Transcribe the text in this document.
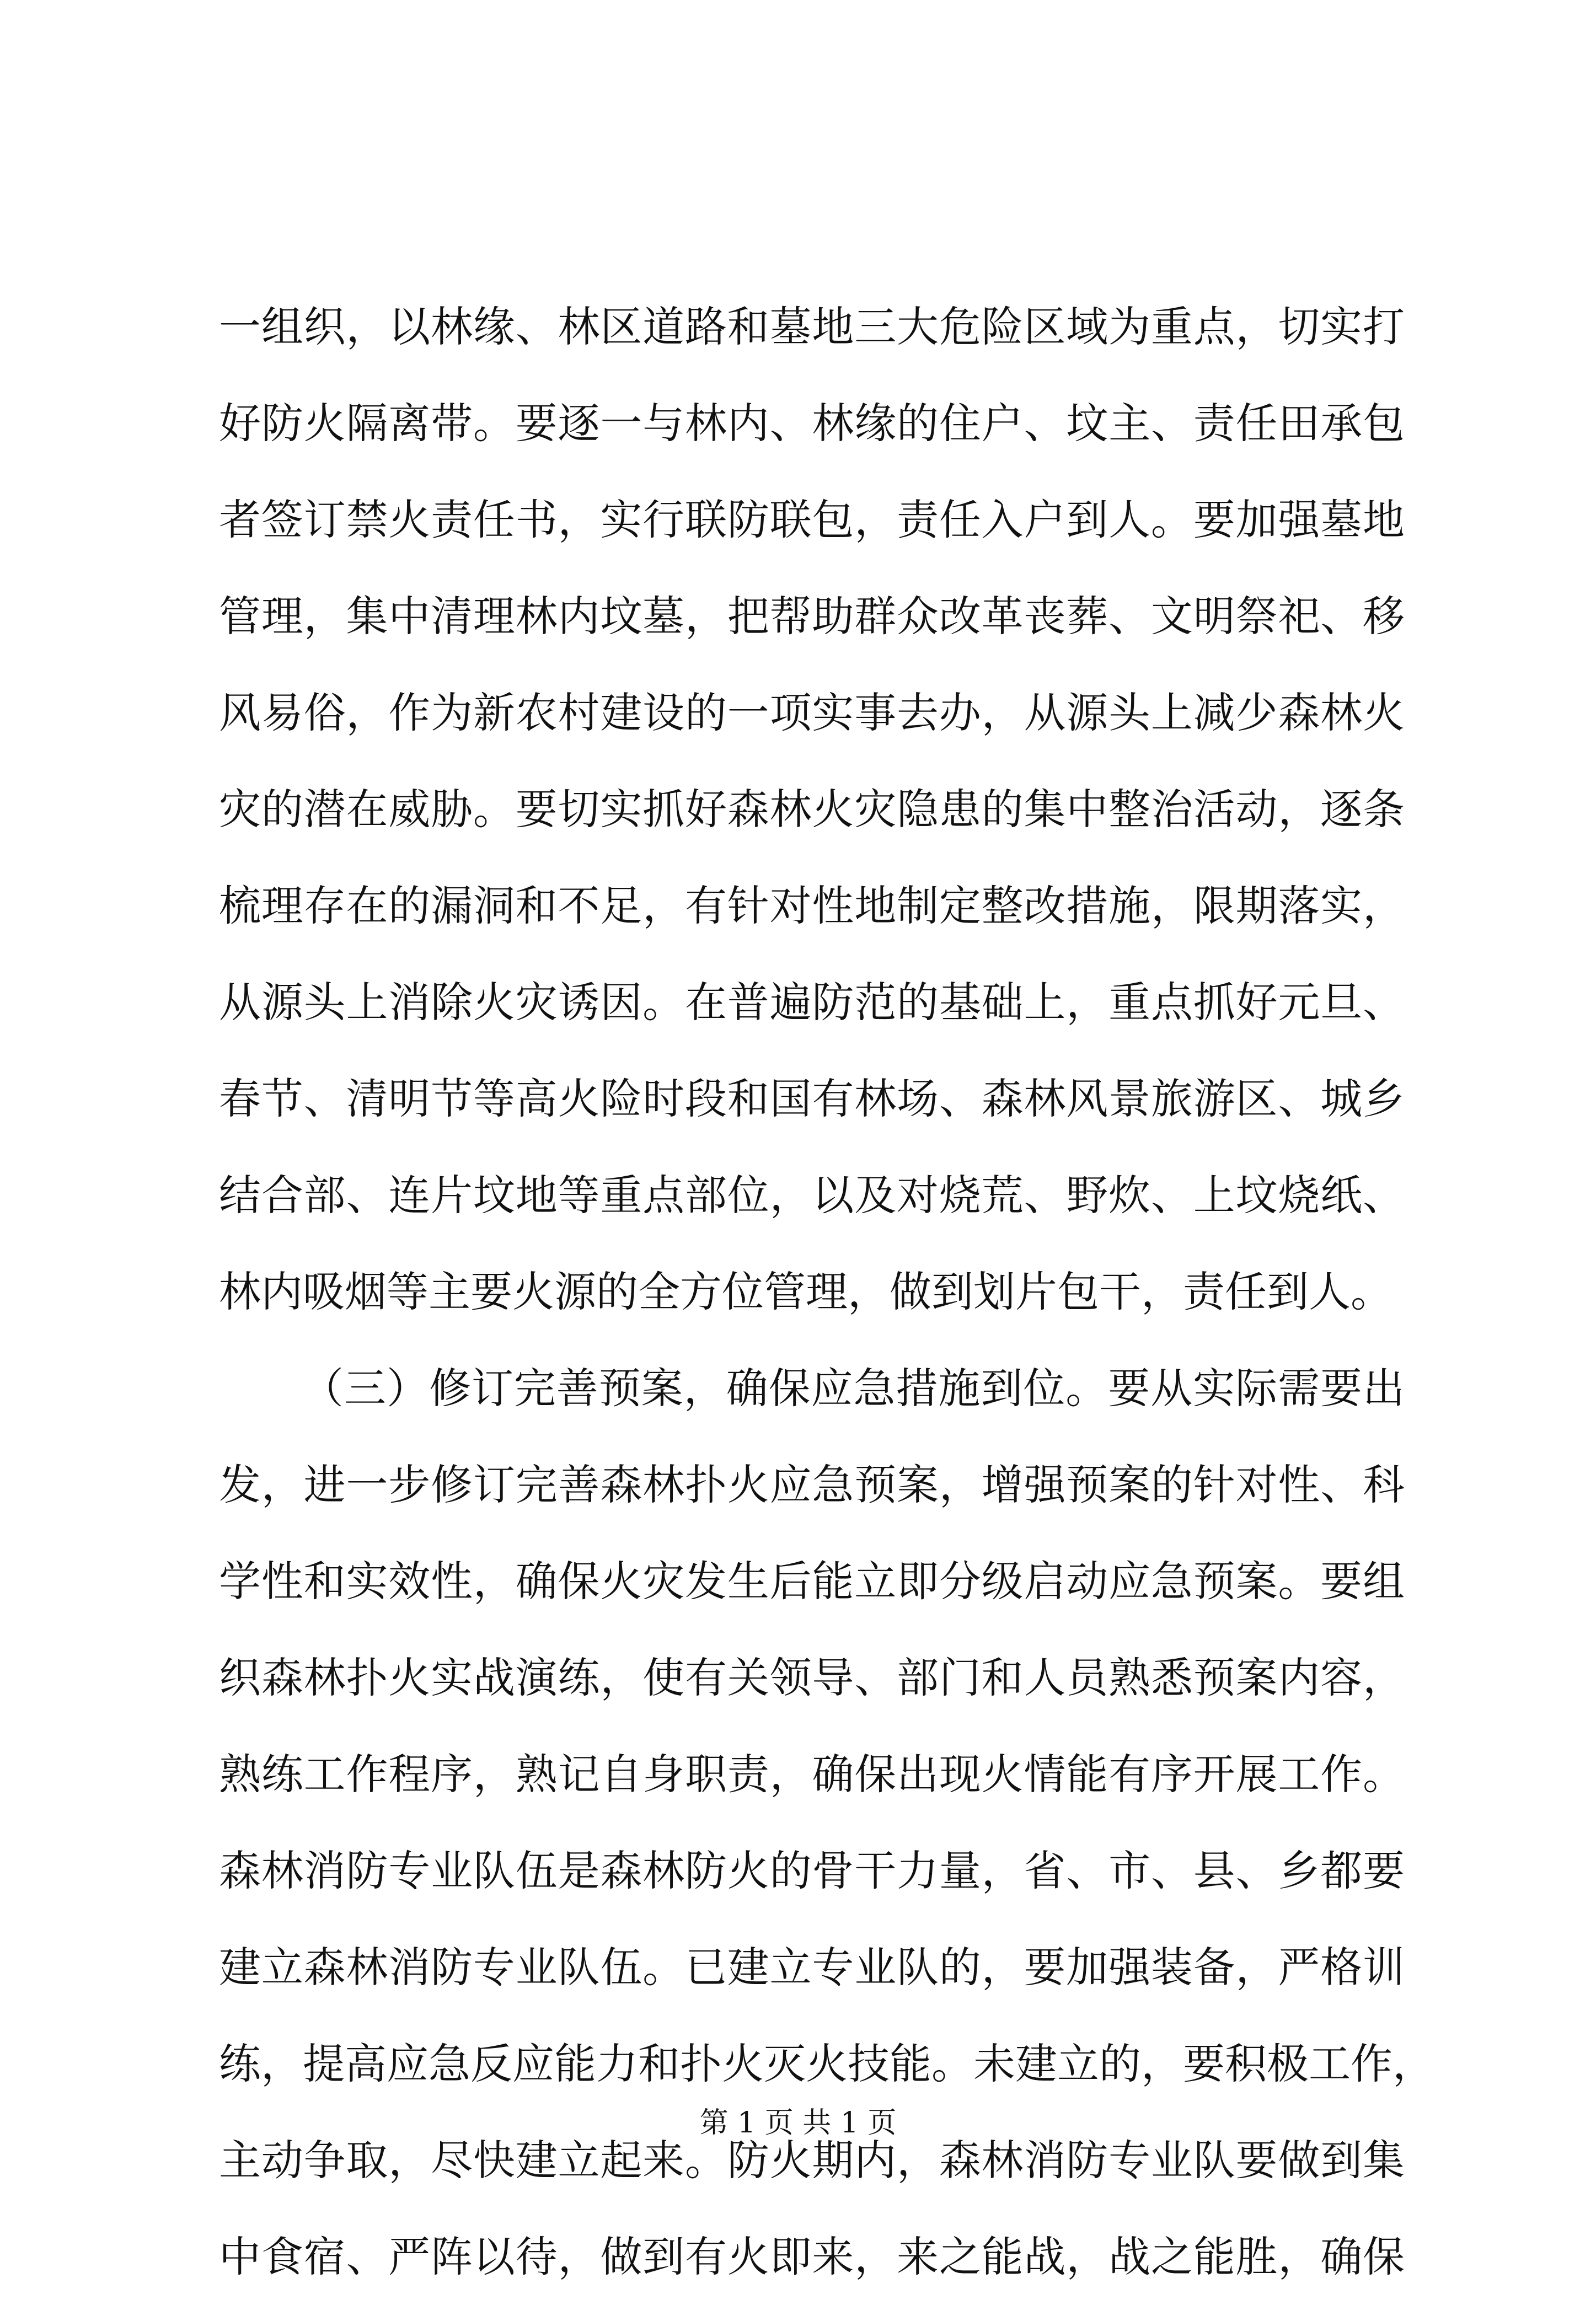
一组织，以林缘、林区道路和墓地三大危险区域为重点，切实打
好防火隔离带。要逐一与林内、林缘的住户、坟主、责任田承包
者签订禁火责任书，实行联防联包，责任入户到人。要加强墓地
管理，集中清理林内坟墓，把帮助群众改革丧葬、文明祭祀、移
风易俗，作为新农村建设的一项实事去办，从源头上减少森林火
灾的潜在威胁。要切实抓好森林火灾隐患的集中整治活动，逐条
梳理存在的漏洞和不足，有针对性地制定整改措施，限期落实，
从源头上消除火灾诱因。在普遍防范的基础上，重点抓好元旦、
春节、清明节等高火险时段和国有林场、森林风景旅游区、城乡
结合部、连片坟地等重点部位，以及对烧荒、野炊、上坟烧纸、
林内吸烟等主要火源的全方位管理，做到划片包干，责任到人。
（三）修订完善预案，确保应急措施到位。要从实际需要出
发，进一步修订完善森林扑火应急预案，增强预案的针对性、科
学性和实效性，确保火灾发生后能立即分级启动应急预案。要组
织森林扑火实战演练，使有关领导、部门和人员熟悉预案内容，
熟练工作程序，熟记自身职责，确保出现火情能有序开展工作。
森林消防专业队伍是森林防火的骨干力量，省、市、县、乡都要
建立森林消防专业队伍。已建立专业队的，要加强装备，严格训
练，提高应急反应能力和扑火灭火技能。未建立的，要积极工作，
主动争取，尽快建立起来。防火期内，森林消防专业队要做到集
中食宿、严阵以待，做到有火即来，来之能战，战之能胜，确保
第 1 页 共 1 页
